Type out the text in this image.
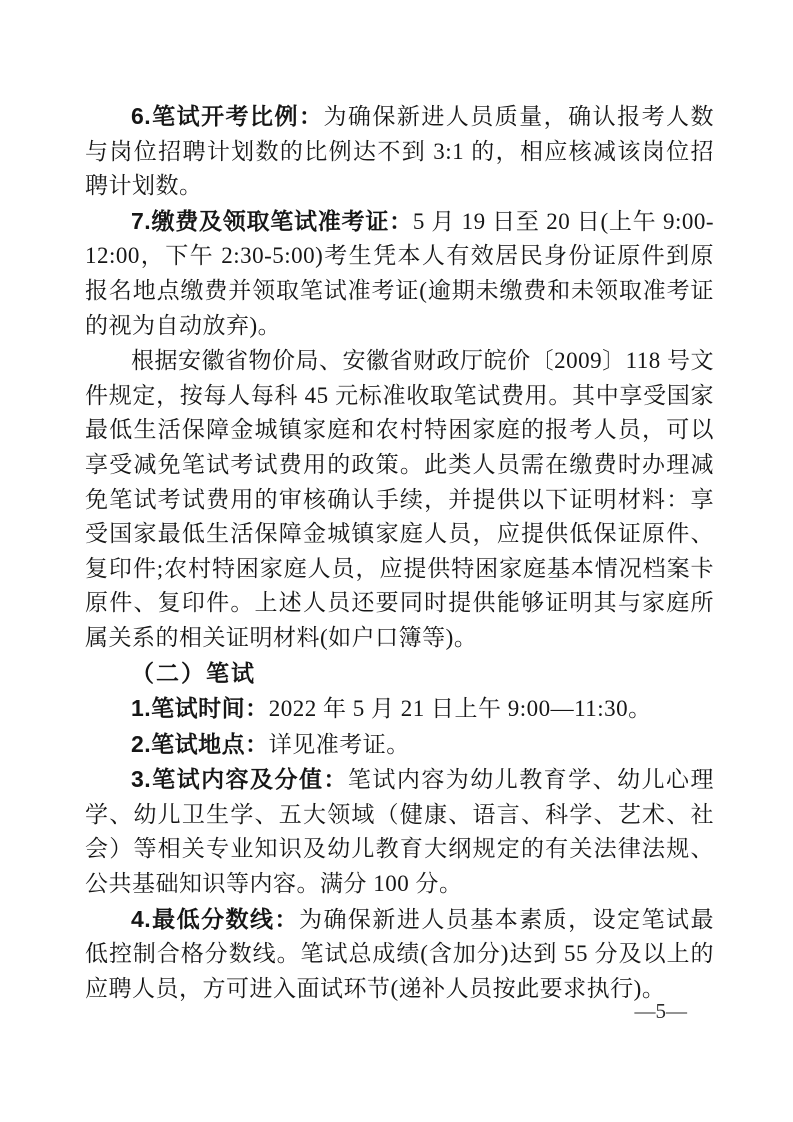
6.笔试开考比例：为确保新进人员质量，确认报考人数与岗位招聘计划数的比例达不到 3:1 的，相应核减该岗位招聘计划数。

7.缴费及领取笔试准考证：5 月 19 日至 20 日(上午 9:00-12:00，下午 2:30-5:00)考生凭本人有效居民身份证原件到原报名地点缴费并领取笔试准考证(逾期未缴费和未领取准考证的视为自动放弃)。

根据安徽省物价局、安徽省财政厅皖价〔2009〕118 号文件规定，按每人每科 45 元标准收取笔试费用。其中享受国家最低生活保障金城镇家庭和农村特困家庭的报考人员，可以享受减免笔试考试费用的政策。此类人员需在缴费时办理减免笔试考试费用的审核确认手续，并提供以下证明材料：享受国家最低生活保障金城镇家庭人员，应提供低保证原件、复印件;农村特困家庭人员，应提供特困家庭基本情况档案卡原件、复印件。上述人员还要同时提供能够证明其与家庭所属关系的相关证明材料(如户口簿等)。

（二）笔试

1.笔试时间：2022 年 5 月 21 日上午 9:00—11:30。

2.笔试地点：详见准考证。

3.笔试内容及分值：笔试内容为幼儿教育学、幼儿心理学、幼儿卫生学、五大领域（健康、语言、科学、艺术、社会）等相关专业知识及幼儿教育大纲规定的有关法律法规、公共基础知识等内容。满分 100 分。

4.最低分数线：为确保新进人员基本素质，设定笔试最低控制合格分数线。笔试总成绩(含加分)达到 55 分及以上的应聘人员，方可进入面试环节(递补人员按此要求执行)。

—5—
